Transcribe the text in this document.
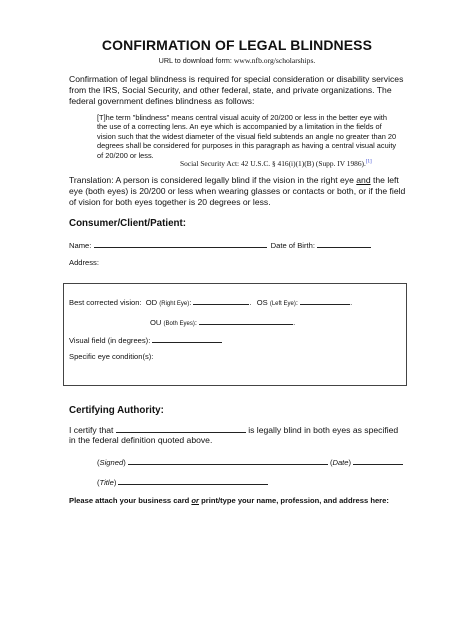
CONFIRMATION OF LEGAL BLINDNESS
URL to download form: www.nfb.org/scholarships.
Confirmation of legal blindness is required for special consideration or disability services from the IRS, Social Security, and other federal, state, and private organizations. The federal government defines blindness as follows:
[T]he term "blindness" means central visual acuity of 20/200 or less in the better eye with the use of a correcting lens. An eye which is accompanied by a limitation in the fields of vision such that the widest diameter of the visual field subtends an angle no greater than 20 degrees shall be considered for purposes in this paragraph as having a central visual acuity of 20/200 or less.
Social Security Act: 42 U.S.C. § 416(i)(1)(B) (Supp. IV 1986).[1]
Translation: A person is considered legally blind if the vision in the right eye and the left eye (both eyes) is 20/200 or less when wearing glasses or contacts or both, or if the field of vision for both eyes together is 20 degrees or less.
Consumer/Client/Patient:
Name:	Date of Birth:
Address:
Best corrected vision: OD (Right Eye):	. OS (Left Eye):	.
OU (Both Eyes):	.
Visual field (in degrees):
Specific eye condition(s):
Certifying Authority:
I certify that	is legally blind in both eyes as specified
in the federal definition quoted above.
(Signed)	(Date)
(Title)
Please attach your business card or print/type your name, profession, and address here:
